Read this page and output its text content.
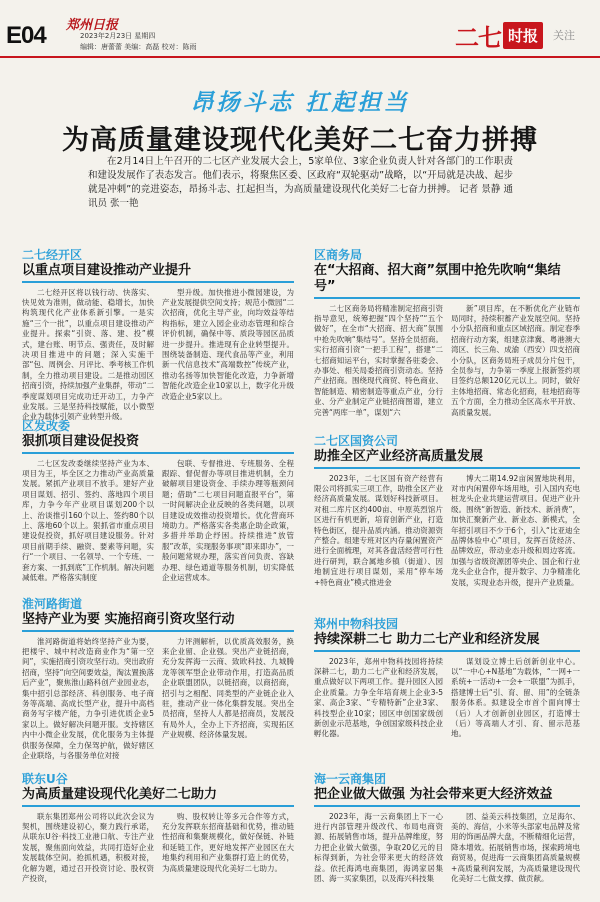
E04 郑州日报
2023年2月23日 星期四
编辑：唐蕾蕾 美编：高磊 校对：陈雨	二七 时报	关注
昂扬斗志 扛起担当
为高质量建设现代化美好二七奋力拼搏
在2月14日上午召开的二七区产业发展大会上，5家单位、3家企业负责人针对各部门的工作职责和建设发展作了表态发言。他们表示，将聚焦区委、区政府“双轮驱动”战略，以“开局就是决战、起步就是冲刺”的竞进姿态，昂扬斗志、扛起担当，为高质量建设现代化美好二七奋力拼搏。 记者 景静 通讯员 张一艳
二七经开区
以重点项目建设推动产业提升
二七经开区将以钱行动、快落实、快见效为准则，做动能、稳增长，加快构筑现代化产业体系新引擎。一是实施“三个一批”，以重点项目建设推动产业提升。探索“引资、落、建、投”模式，建台账、明节点、强责任，及时解决项目推进中的问题；深入实施干部“包、周例会、月评比、季考核工作机制，全力推动项目建设。二是推动园区招商引资，持续加强产业集群，带动“二季度谋划项目完成功迁开动工，力争产业发展。三是坚持科技赋能，以小微型企业为载体引领产业转型升级。
型升级。加快推进小微园建设，为产业发展提供空间支持；规范小微园“二次招商，优化主导产业，向均效益等结构指标，建立入园企业动态管理和综合评价机制，确保中等、质段等园区品质进一步提升。推进现有企业转型提升。围绕装备制造、现代食品等产业，利用新一代信息技术“高端数控”传统产业，推动名扬等加快智能化改造，力争新增智能化改造企业10家以上，数字化升级改造企业5家以上。
区商务局
在“大招商、招大商”氛围中抢先吹响“集结号”
二七区商务局将精准制定招商引资指导意见，统筹把握“四个坚持”“五个做好”，在全市“大招商、招大商”氛围中抢先吹响“集结号”。坚持全员招商。实行招商引资“一把手工程”，搭建“二七招商知运平台，实时掌握各驻委会、办事处、相关局委招商引资动态。坚持产业招商。围绕现代商贸、特色商业、智能制造、精密制造等重点产业，分行业、分产业制定产业链招商图谱，建立完善“两库一单”，谋划“六
新”项目库，在不断优化产业链布局同时，持续积蓄产业发展空间。坚持小分队招商和重点区域招商。制定春季招商行动方案，组建京津冀、粤港澳大湾区、长三角、成渝（西安）四支招商小分队，区商务局班子成员分片包干，全员参与，力争第一季度上报新签约项目签约总额120亿元以上。同时，做好主体地招商、常态化招商，驻地招商等五个方面，全力推动全区高水平开放、高质量发展。
区发改委
狠抓项目建设促投资
二七区发改委继续坚持产业为本、项目为王，毕全区之力推动产业高质量发展。紧抓产业项目不放手。建好产业项目谋划、招引、签约、落地四个项目库，力争今年产业项目谋划200个以上、治谈推引160个以上、签约80个以上、落地60个以上。狠抓省市重点项目建设促投资，抓好项目建设服务。针对项目前期手续、融资、要素等问题，实行“一个项目、一名领导、一个专班、一套方案、一抓到底”工作机制。解决问题减低难。严格落实制度
包联、专督推进、专班服务、全程跟踪、督促督办等项目推进机制，全力破解项目建设资金、手续办理等瓶颈问题；借助“二七项目问题直报平台”，第一时间解决企业反映的各类问题，以项目建设成效推动投资增长。优化营商环境助力。严格落实各类惠企助企政策，多措并举助企纾困。持续推进“放管服”改革，实现服务事项“即来即办”，一般问题常规办理，落实首问负责、容缺办理、绿色通道等服务机制，切实降低企业运营成本。
二七区国资公司
助推全区产业经济高质量发展
2023年，二七区国有资产经营有限公司将抓实三项工作，助推全区产业经济高质量发展。谋划好科技新项目。对租二库片区约400亩、中原英烈馆片区进行有机更新，培育创新产业，打造特色街区，提升品质内涵。推动资源资产整合。组建专班对区内存量闲置资产进行全面梳理，对其各盘活经营可行性进行研判，联合属地乡镇（街道）、因地制宜进行项目谋划，采用“停车场+特色商业”模式推进金
博大二期14.92亩闲置地块利用，对市内闲置停车场用地，引入国内充电桩龙头企业共建运营项目。促进产业升级。围绕“新智造、新技术、新消费”，加快汇聚新产业、新业态、新模式，全年招引项目不少于6个，引入“比亚迪全品牌体验中心”项目，发挥百货经济、品牌效应，带动业态升级和周边客流。加强与省级资源团等央企、国企和行业龙头企业合作，提升数字、力争精准化发展，实现业态升级，提升产业质量。
淮河路街道
坚持产业为要 实施招商引资攻坚行动
淮河路街道将始终坚持产业为要，把楼宇、城中村改造商业作为“第一空间”，实施招商引资攻坚行动。突出政府招商，坚持“向空间要效益，淘汰置换落后产业”，聚焦淮山路科创产业园业态，集中招引总部经济、科创服务、电子商务等高端、高成长型产业，提升中高档商务写字楼产能，力争引进优质企业5家以上。做好解决问题开服。支持辖区内中小微企业发展，优化服务为主体提供服务保障，全力保驾护航，做好辖区企业联络，与各服务单位对接
力评测解析，以优质高效服务，换来企业留、企业强。突出产业链招商，充分发挥海一云商、致欧科技、九城腾龙等领军型企业带动作用，打造高品质企业联盟团队，以链招商，以商招商，招引与之相配、同类型的产业链企业入驻，推动产业一体化集群发展。突出全员招商，坚持人人都是招商员，发展没有局外人，全办上下齐招商，实现拓区产业规模、经济体量发展。
郑州中物科技园
持续深耕二七 助力二七产业和经济发展
2023年，郑州中物科技园将持续深耕二七，助力二七产业和经济发展，重点做好以下两项工作。提升园区入园企业质量。力争全年培育规上企业3-5家、高企3家、“专精特新”企业3家、科技型企业10家；园区申创国家级创新创业示范基地，争创国家级科技企业孵化器。
谋划设立博士后创新创业中心。以“一中心+N基地”为载体，“一网+一系统+一活动+一会+一联盟”为抓手，搭建博士后“引、育、留、用”的全链条服务体系。拟建设全市首个面向博士（后）人才创新创业园区，打造博士（后）等高端人才引、育、留示范基地。
联东U谷
为高质量建设现代化美好二七助力
联东集团郑州公司将以此次会议为契机，围绕建设初心，聚力践行承诺，从联东U谷·科技工业港口航、专注产业发展，聚焦面向效益，共同打造好企业发展载体空间。抢抓机遇，积极对接，化解为题，通过召开投资讨论、股权资产投资，
购、股权转让等多元合作等方式，充分发挥联东招商基础和优势，推动链性招商和集聚规模化，做好保链、补链和延链工作，更好地发挥产业园区在大地集约利用和产业集群打造上的优势，为高质量建设现代化美好二七助力。
海一云商集团
把企业做大做强 为社会带来更大经济效益
2023年，海一云商集团上下一心进行内部管理升级改代、布局电商资源、拓展销售市场，提升品牌维度，努力把企业做大做强，争取20亿元的目标得到新，为社会带来更大的经济效益。依托海鸿电商集团，海鸿家居集团、海一买家集团，以及海兴科技集
团、益美云科技集团，立足海尔、美的、海信，小米等头部家电品牌及常用的饰画品牌大盘，不断精细化运营，降本增效。拓展销售市场，探索跨境电商贸易，促进海一云商集团高质量规模+高质量利润发展，为高质量建设现代化美好二七做支撑、做贡献。
